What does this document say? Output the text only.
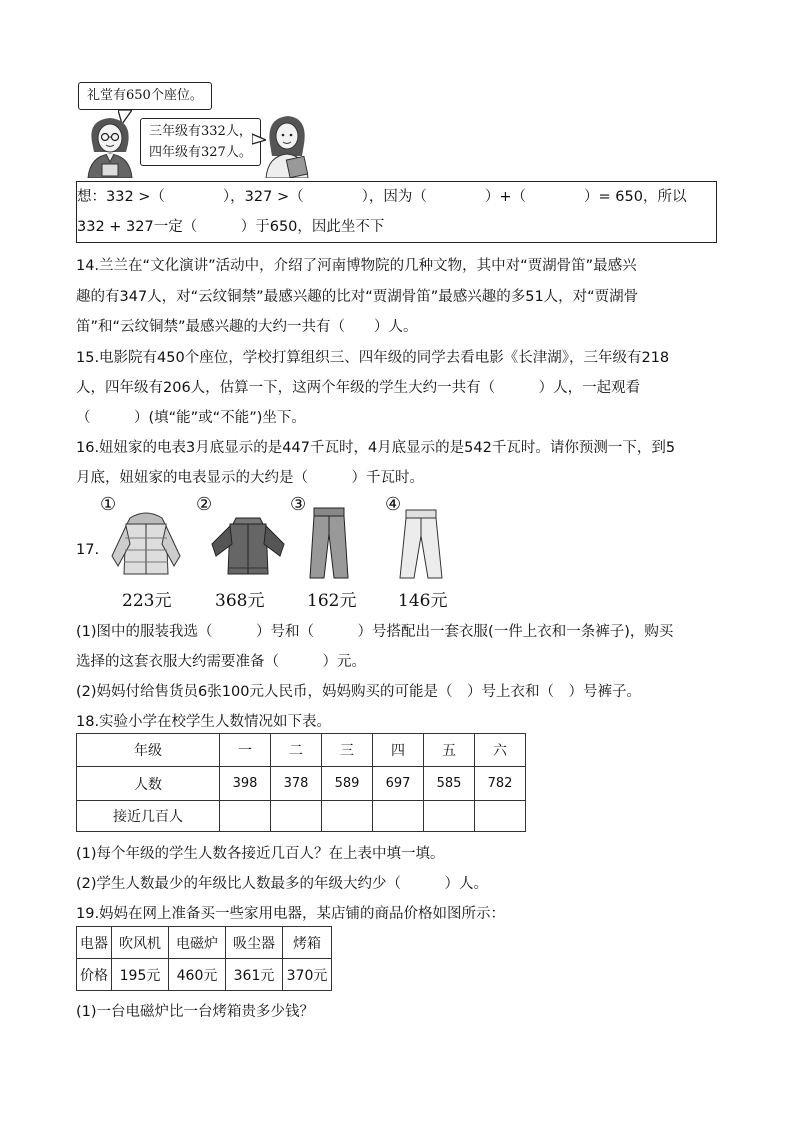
礼堂有650个座位。
三年级有332人，
四年级有327人。
想：332 >（　　　　），327 >（　　　　），因为（　　　　）+（　　　　）= 650，所以
332 + 327一定（　　　）于650，因此坐不下
14.兰兰在“文化演讲”活动中，介绍了河南博物院的几种文物，其中对“贾湖骨笛”最感兴
趣的有347人，对“云纹铜禁”最感兴趣的比对“贾湖骨笛”最感兴趣的多51人，对“贾湖骨
笛”和“云纹铜禁”最感兴趣的大约一共有（　　）人。
15.电影院有450个座位，学校打算组织三、四年级的同学去看电影《长津湖》，三年级有218
人，四年级有206人，估算一下，这两个年级的学生大约一共有（　　　）人，一起观看
（　　　）(填“能”或“不能”)坐下。
16.妞妞家的电表3月底显示的是447千瓦时，4月底显示的是542千瓦时。请你预测一下，到5
月底，妞妞家的电表显示的大约是（　　　）千瓦时。
17.
①	②	③	④
223元	368元	162元 146元
(1)图中的服装我选（　　　）号和（　　　）号搭配出一套衣服(一件上衣和一条裤子)，购买
选择的这套衣服大约需要准备（　　　）元。
(2)妈妈付给售货员6张100元人民币，妈妈购买的可能是（　）号上衣和（　）号裤子。
18.实验小学在校学生人数情况如下表。
年级	一	二	三	四	五	六
人数	398	378	589	697	585	782
接近几百人						
(1)每个年级的学生人数各接近几百人？在上表中填一填。
(2)学生人数最少的年级比人数最多的年级大约少（　　　）人。
19.妈妈在网上准备买一些家用电器，某店铺的商品价格如图所示：
电器	吹风机	电磁炉	吸尘器	烤箱
价格	195元	460元	361元	370元
(1)一台电磁炉比一台烤箱贵多少钱？
